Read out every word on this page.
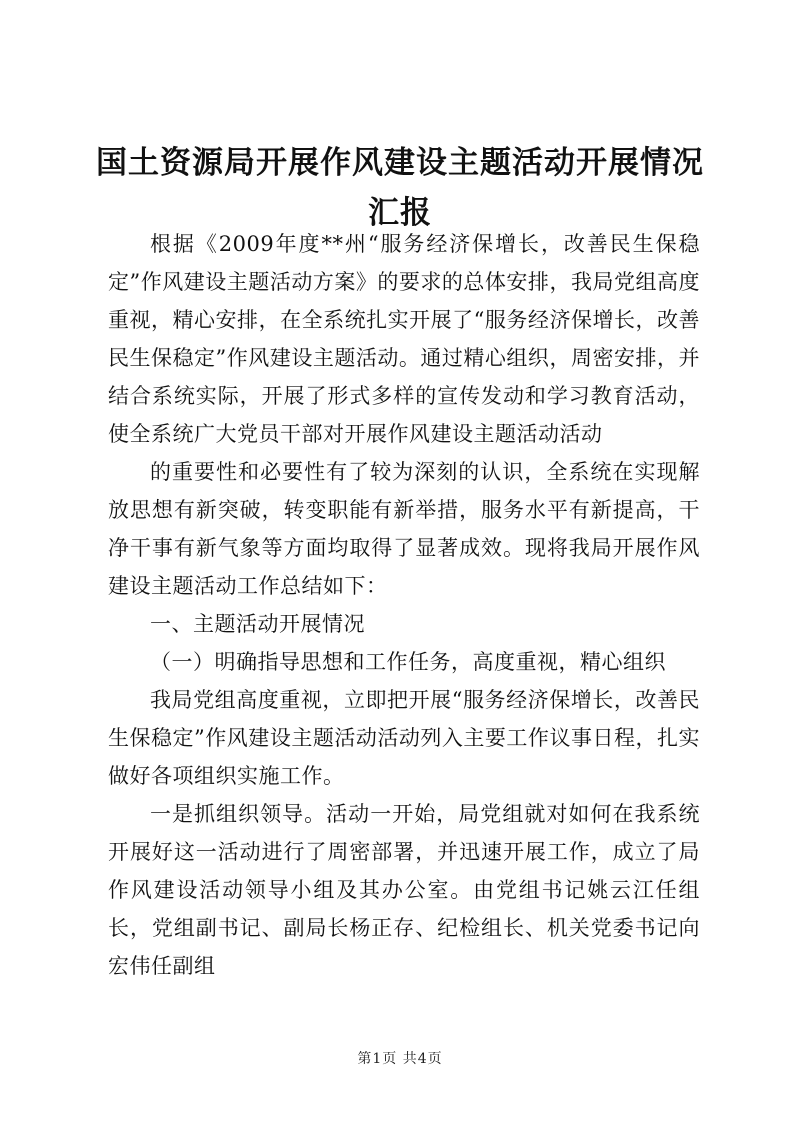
国土资源局开展作风建设主题活动开展情况汇报

根据《2009年度**州“服务经济保增长，改善民生保稳定”作风建设主题活动方案》的要求的总体安排，我局党组高度重视，精心安排，在全系统扎实开展了“服务经济保增长，改善民生保稳定”作风建设主题活动。通过精心组织，周密安排，并结合系统实际，开展了形式多样的宣传发动和学习教育活动，使全系统广大党员干部对开展作风建设主题活动活动

的重要性和必要性有了较为深刻的认识，全系统在实现解放思想有新突破，转变职能有新举措，服务水平有新提高，干净干事有新气象等方面均取得了显著成效。现将我局开展作风建设主题活动工作总结如下：

一、主题活动开展情况

（一）明确指导思想和工作任务，高度重视，精心组织

我局党组高度重视，立即把开展“服务经济保增长，改善民生保稳定”作风建设主题活动活动列入主要工作议事日程，扎实做好各项组织实施工作。

一是抓组织领导。活动一开始，局党组就对如何在我系统开展好这一活动进行了周密部署，并迅速开展工作，成立了局作风建设活动领导小组及其办公室。由党组书记姚云江任组长，党组副书记、副局长杨正存、纪检组长、机关党委书记向宏伟任副组

第1页 共4页
